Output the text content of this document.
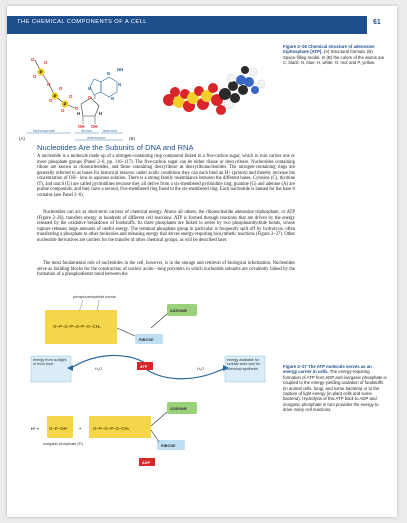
THE CHEMICAL COMPONENTS OF A CELL	61
P
P
P
O
O
O
O
O
O
O
O O
O
OH OH
H	H
N
N
N
N
NH
(A)	(B)
triphosphate	ribose	adenine
adenosine
Figure 2–26 Chemical structure of adenosine triphosphate (ATP). (A) Structural formula. (B) Space-filling model. In (B) the colors of the atoms are C, black; N, blue; H, white; O, red; and P, yellow.
Nucleotides Are the Subunits of DNA and RNA

A nucleotide is a molecule made up of a nitrogen-containing ring compound linked to a five-carbon sugar, which in turn carries one or more phosphate groups (Panel 2–6, pp. 116–117). The five-carbon sugar can be either ribose or deoxyribose. Nucleotides containing ribose are known as ribonucleotides, and those containing deoxyribose as deoxyribonucleotides. The nitrogen-containing rings are generally referred to as bases for historical reasons: under acidic conditions they can each bind an H+ (proton) and thereby increase the concentration of OH− ions in aqueous solution. There is a strong family resemblance between the different bases. Cytosine (C), thymine (T), and uracil (U) are called pyrimidines because they all derive from a six-membered pyrimidine ring; guanine (G) and adenine (A) are purine compounds, and they have a second, five-membered ring fused to the six-membered ring. Each nucleotide is named for the base it contains (see Panel 2–6).

Nucleotides can act as short-term carriers of chemical energy. Above all others, the ribonucleotide adenosine triphosphate, or ATP (Figure 2–26), transfers energy in hundreds of different cell reactions. ATP is formed through reactions that are driven by the energy released by the oxidative breakdown of foodstuffs. Its three phosphates are linked in series by two phosphoanhydride bonds, whose rupture releases large amounts of useful energy. The terminal phosphate group in particular is frequently split off by hydrolysis, often transferring a phosphate to other molecules and releasing energy that drives energy-requiring biosynthetic reactions (Figure 2–27). Other nucleotide derivatives are carriers for the transfer of other chemical groups, as will be described later.

The most fundamental role of nucleotides in the cell, however, is in the storage and retrieval of biological information. Nucleotides serve as building blocks for the construction of nucleic acids—long polymers in which nucleotide subunits are covalently linked by the formation of a phosphodiester bond between the

phosphoanhydride bonds
O–P–O–P–O–P–O–CH₂
ADENINE
RIBOSE
energy from sunlight or from food
energy available for cellular work and for chemical synthesis
H₂O	H₂O
ATP
H⁺ + O–P–OH	+	O–P–O–P–O–CH₂
ADENINE
RIBOSE
ADP
inorganic phosphate (Pᵢ)
Figure 2–27 The ATP molecule serves as an energy carrier in cells. The energy-requiring formation of ATP from ADP and inorganic phosphate is coupled to the energy-yielding oxidation of foodstuffs (in animal cells, fungi, and some bacteria) or to the capture of light energy (in plant cells and some bacteria). Hydrolysis of this ATP back to ADP and inorganic phosphate in turn provides the energy to drive many cell reactions.
